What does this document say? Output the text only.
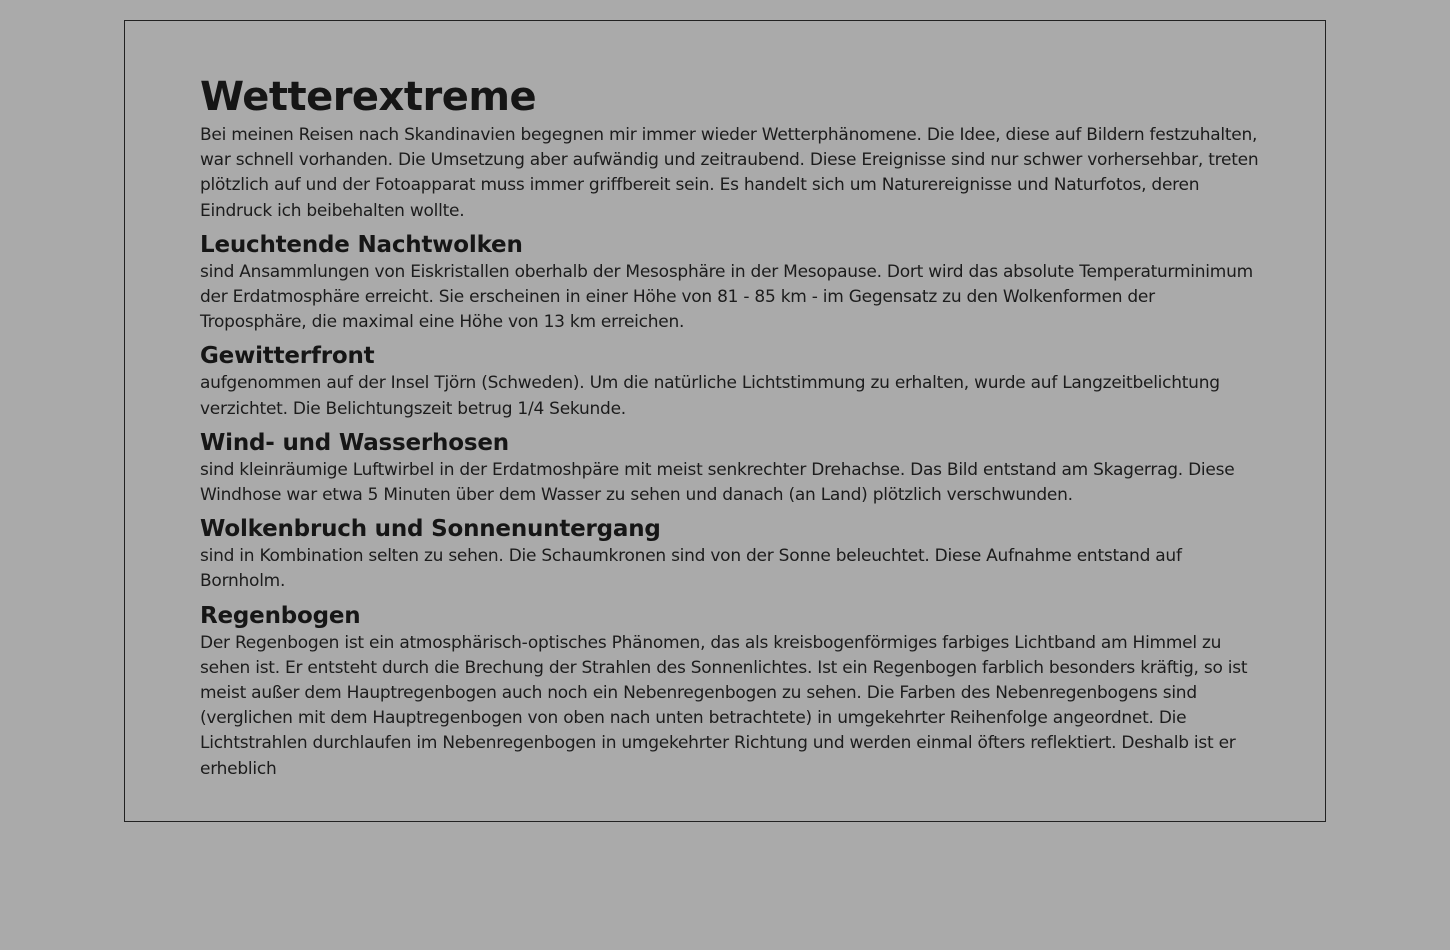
Wetterextreme

Bei meinen Reisen nach Skandinavien begegnen mir immer wieder Wetterphänomene. Die Idee, diese auf Bildern festzuhalten, war schnell vorhanden. Die Umsetzung aber aufwändig und zeitraubend. Diese Ereignisse sind nur schwer vorhersehbar, treten plötzlich auf und der Fotoapparat muss immer griffbereit sein. Es handelt sich um Naturereignisse und Naturfotos, deren Eindruck ich beibehalten wollte.

Leuchtende Nachtwolken

sind Ansammlungen von Eiskristallen oberhalb der Mesosphäre in der Mesopause. Dort wird das absolute Temperaturminimum der Erdatmosphäre erreicht. Sie erscheinen in einer Höhe von 81 - 85 km - im Gegensatz zu den Wolkenformen der Troposphäre, die maximal eine Höhe von 13 km erreichen.

Gewitterfront

aufgenommen auf der Insel Tjörn (Schweden). Um die natürliche Lichtstimmung zu erhalten, wurde auf Langzeitbelichtung verzichtet. Die Belichtungszeit betrug 1/4 Sekunde.

Wind- und Wasserhosen

sind kleinräumige Luftwirbel in der Erdatmoshpäre mit meist senkrechter Drehachse. Das Bild entstand am Skagerrag. Diese Windhose war etwa 5 Minuten über dem Wasser zu sehen und danach (an Land) plötzlich verschwunden.

Wolkenbruch und Sonnenuntergang

sind in Kombination selten zu sehen. Die Schaumkronen sind von der Sonne beleuchtet. Diese Aufnahme entstand auf Bornholm.

Regenbogen

Der Regenbogen ist ein atmosphärisch-optisches Phänomen, das als kreisbogenförmiges farbiges Lichtband am Himmel zu sehen ist. Er entsteht durch die Brechung der Strahlen des Sonnenlichtes. Ist ein Regenbogen farblich besonders kräftig, so ist meist außer dem Hauptregenbogen auch noch ein Nebenregenbogen zu sehen. Die Farben des Nebenregenbogens sind (verglichen mit dem Hauptregenbogen von oben nach unten betrachtete) in umgekehrter Reihenfolge angeordnet. Die Lichtstrahlen durchlaufen im Nebenregenbogen in umgekehrter Richtung und werden einmal öfters reflektiert. Deshalb ist er erheblich
